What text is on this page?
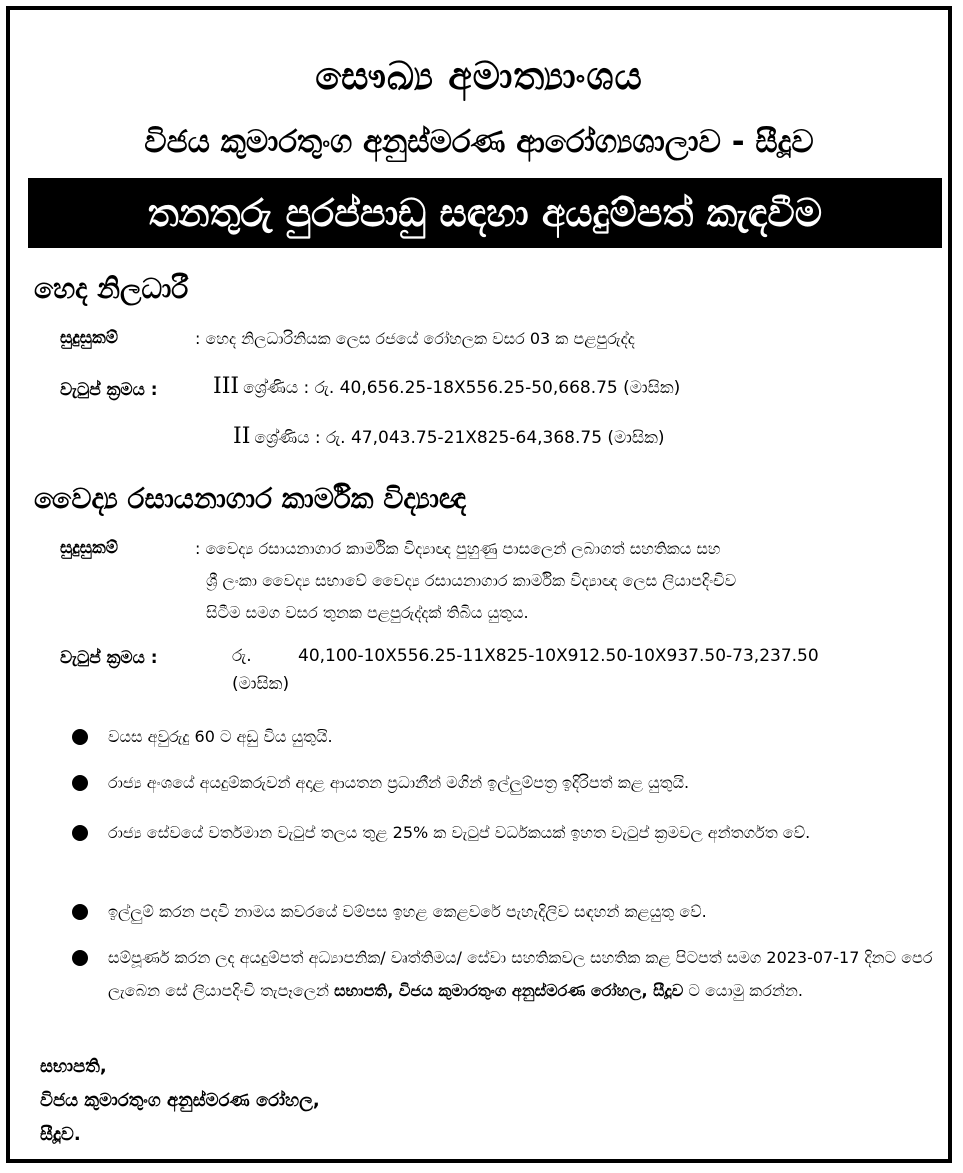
සෞඛ්‍ය අමාත්‍යාංශය
විජය කුමාරතුංග අනුස්මරණ ආරෝග්‍යශාලාව - සීදූව
තනතුරු පුරප්පාඩු සඳහා අයදුම්පත් කැඳවීම
හෙද නිලධාරී
සුදුසුකම්	: හෙද නිලධාරිනියක ලෙස රජයේ රෝහලක වසර 03 ක පළපුරුද්ද
වැටුප් ක්‍රමය :	III ශ්‍රේණිය : රු. 40,656.25-18X556.25-50,668.75 (මාසික)
II ශ්‍රේණිය : රු. 47,043.75-21X825-64,368.75 (මාසික)
වෛද්‍ය රසායනාගාර කාර්මික විද්‍යාඥ
සුදුසුකම්	: වෛද්‍ය රසායනාගාර කාර්මික විද්‍යාඥ පුහුණු පාසලෙන් ලබාගත් සහතිකය සහ
ශ්‍රී ලංකා වෛද්‍ය සභාවේ වෛද්‍ය රසායනාගාර කාර්මික විද්‍යාඥ ලෙස ලියාපදිංචිව
සිටීම සමග වසර තුනක පළපුරුද්දක් තිබිය යුතුය.
වැටුප් ක්‍රමය :	රු.	40,100-10X556.25-11X825-10X912.50-10X937.50-73,237.50
(මාසික)
වයස අවුරුදු 60 ට අඩු විය යුතුයි.
රාජ්‍ය අංශයේ අයදුම්කරුවන් අදාළ ආයතන ප්‍රධානීන් මගින් ඉල්ලුම්පත්‍ර ඉදිරිපත් කළ යුතුයි.
රාජ්‍ය සේවයේ වර්තමාන වැටුප් තලය තුළ 25% ක වැටුප් වර්ධකයක් ඉහත වැටුප් ක්‍රමවල අන්තර්ගත වේ.
ඉල්ලුම් කරන පදවි නාමය කවරයේ වම්පස ඉහළ කෙළවරේ පැහැදිලිව සඳහන් කළයුතු වේ.
සම්පූර්ණ කරන ලද අයදුම්පත් අධ්‍යාපනික/ වෘත්තිමය/ සේවා සහතිකවල සහතික කළ පිටපත් සමග 2023-07-17 දිනට පෙර ලැබෙන සේ ලියාපදිංචි තැපෑලෙන් සභාපති, විජය කුමාරතුංග අනුස්මරණ රෝහල, සීදූව ට යොමු කරන්න.
සභාපති,
විජය කුමාරතුංග අනුස්මරණ රෝහල,
සීදූව.
